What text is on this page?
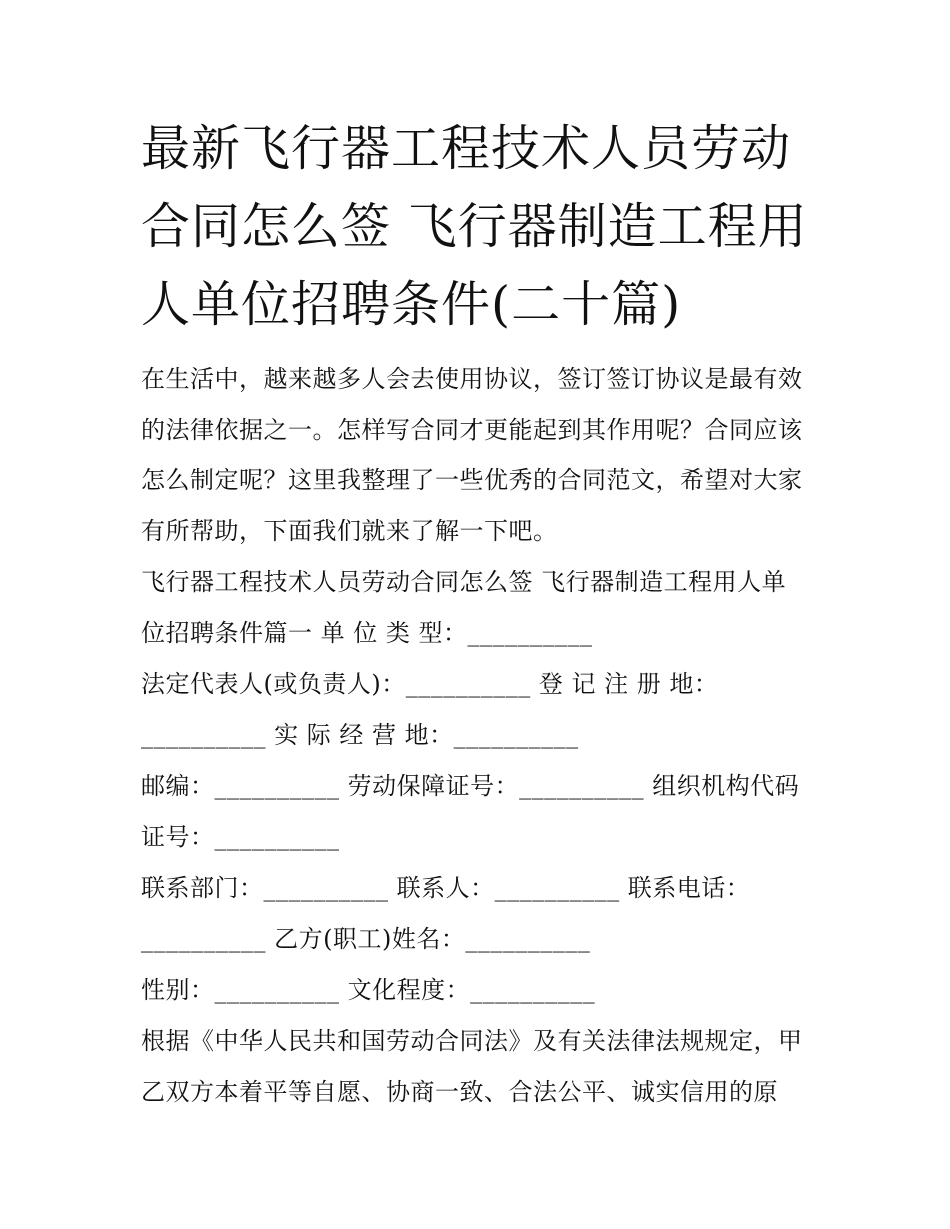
最新飞行器工程技术人员劳动
合同怎么签 飞行器制造工程用
人单位招聘条件(二十篇)
在生活中，越来越多人会去使用协议，签订签订协议是最有效
的法律依据之一。怎样写合同才更能起到其作用呢？合同应该
怎么制定呢？这里我整理了一些优秀的合同范文，希望对大家
有所帮助，下面我们就来了解一下吧。
飞行器工程技术人员劳动合同怎么签 飞行器制造工程用人单
位招聘条件篇一 单 位 类 型：__________
法定代表人(或负责人)：__________ 登 记 注 册 地：
__________ 实 际 经 营 地：__________
邮编：__________ 劳动保障证号：__________ 组织机构代码
证号：__________
联系部门：__________ 联系人：__________ 联系电话：
__________ 乙方(职工)姓名：__________
性别：__________ 文化程度：__________
根据《中华人民共和国劳动合同法》及有关法律法规规定，甲
乙双方本着平等自愿、协商一致、合法公平、诚实信用的原
